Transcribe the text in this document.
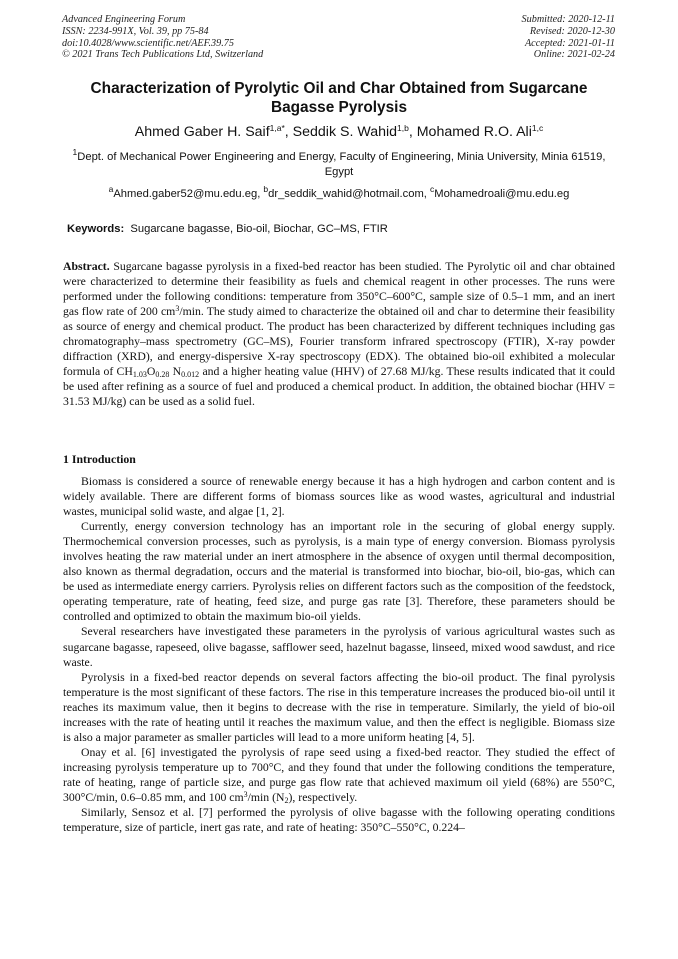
Advanced Engineering Forum
ISSN: 2234-991X, Vol. 39, pp 75-84
doi:10.4028/www.scientific.net/AEF.39.75
© 2021 Trans Tech Publications Ltd, Switzerland
Submitted: 2020-12-11
Revised: 2020-12-30
Accepted: 2021-01-11
Online: 2021-02-24
Characterization of Pyrolytic Oil and Char Obtained from Sugarcane Bagasse Pyrolysis
Ahmed Gaber H. Saif$^{1,a*}$, Seddik S. Wahid$^{1,b}$, Mohamed R.O. Ali$^{1,c}$
$^1$Dept. of Mechanical Power Engineering and Energy, Faculty of Engineering, Minia University, Minia 61519, Egypt
$^a$Ahmed.gaber52@mu.edu.eg, $^b$dr_seddik_wahid@hotmail.com, $^c$Mohamedroali@mu.edu.eg
Keywords: Sugarcane bagasse, Bio-oil, Biochar, GC–MS, FTIR

Abstract. Sugarcane bagasse pyrolysis in a fixed-bed reactor has been studied. The Pyrolytic oil and char obtained were characterized to determine their feasibility as fuels and chemical reagent in other processes. The runs were performed under the following conditions: temperature from 350°C–600°C, sample size of 0.5–1 mm, and an inert gas flow rate of 200 $cm^3/\min$. The study aimed to characterize the obtained oil and char to determine their feasibility as source of energy and chemical product. The product has been characterized by different techniques including gas chromatography–mass spectrometry (GC–MS), Fourier transform infrared spectroscopy (FTIR), X-ray powder diffraction (XRD), and energy-dispersive X-ray spectroscopy (EDX). The obtained bio-oil exhibited a molecular formula of $CH_{1.03}O_{0.28}$ $N_{0.012}$ and a higher heating value (HHV) of 27.68 MJ/kg. These results indicated that it could be used after refining as a source of fuel and produced a chemical product. In addition, the obtained biochar (HHV = 31.53 MJ/kg) can be used as a solid fuel.

1 Introduction

Biomass is considered a source of renewable energy because it has a high hydrogen and carbon content and is widely available. There are different forms of biomass sources like as wood wastes, agricultural and industrial wastes, municipal solid waste, and algae [1, 2].

Currently, energy conversion technology has an important role in the securing of global energy supply. Thermochemical conversion processes, such as pyrolysis, is a main type of energy conversion. Biomass pyrolysis involves heating the raw material under an inert atmosphere in the absence of oxygen until thermal decomposition, also known as thermal degradation, occurs and the material is transformed into biochar, bio-oil, bio-gas, which can be used as intermediate energy carriers. Pyrolysis relies on different factors such as the composition of the feedstock, operating temperature, rate of heating, feed size, and purge gas rate [3]. Therefore, these parameters should be controlled and optimized to obtain the maximum bio-oil yields.

Several researchers have investigated these parameters in the pyrolysis of various agricultural wastes such as sugarcane bagasse, rapeseed, olive bagasse, safflower seed, hazelnut bagasse, linseed, mixed wood sawdust, and rice waste.

Pyrolysis in a fixed-bed reactor depends on several factors affecting the bio-oil product. The final pyrolysis temperature is the most significant of these factors. The rise in this temperature increases the produced bio-oil until it reaches its maximum value, then it begins to decrease with the rise in temperature. Similarly, the yield of bio-oil increases with the rate of heating until it reaches the maximum value, and then the effect is negligible. Biomass size is also a major parameter as smaller particles will lead to a more uniform heating [4, 5].

Onay et al. [6] investigated the pyrolysis of rape seed using a fixed-bed reactor. They studied the effect of increasing pyrolysis temperature up to 700°C, and they found that under the following conditions the temperature, rate of heating, range of particle size, and purge gas flow rate that achieved maximum oil yield (68%) are 550°C, 300°C/min, 0.6–0.85 mm, and 100 $cm^3/\min$ $(N_2)$, respectively.

Similarly, Sensoz et al. [7] performed the pyrolysis of olive bagasse with the following operating conditions temperature, size of particle, inert gas rate, and rate of heating: 350°C–550°C, 0.224–
